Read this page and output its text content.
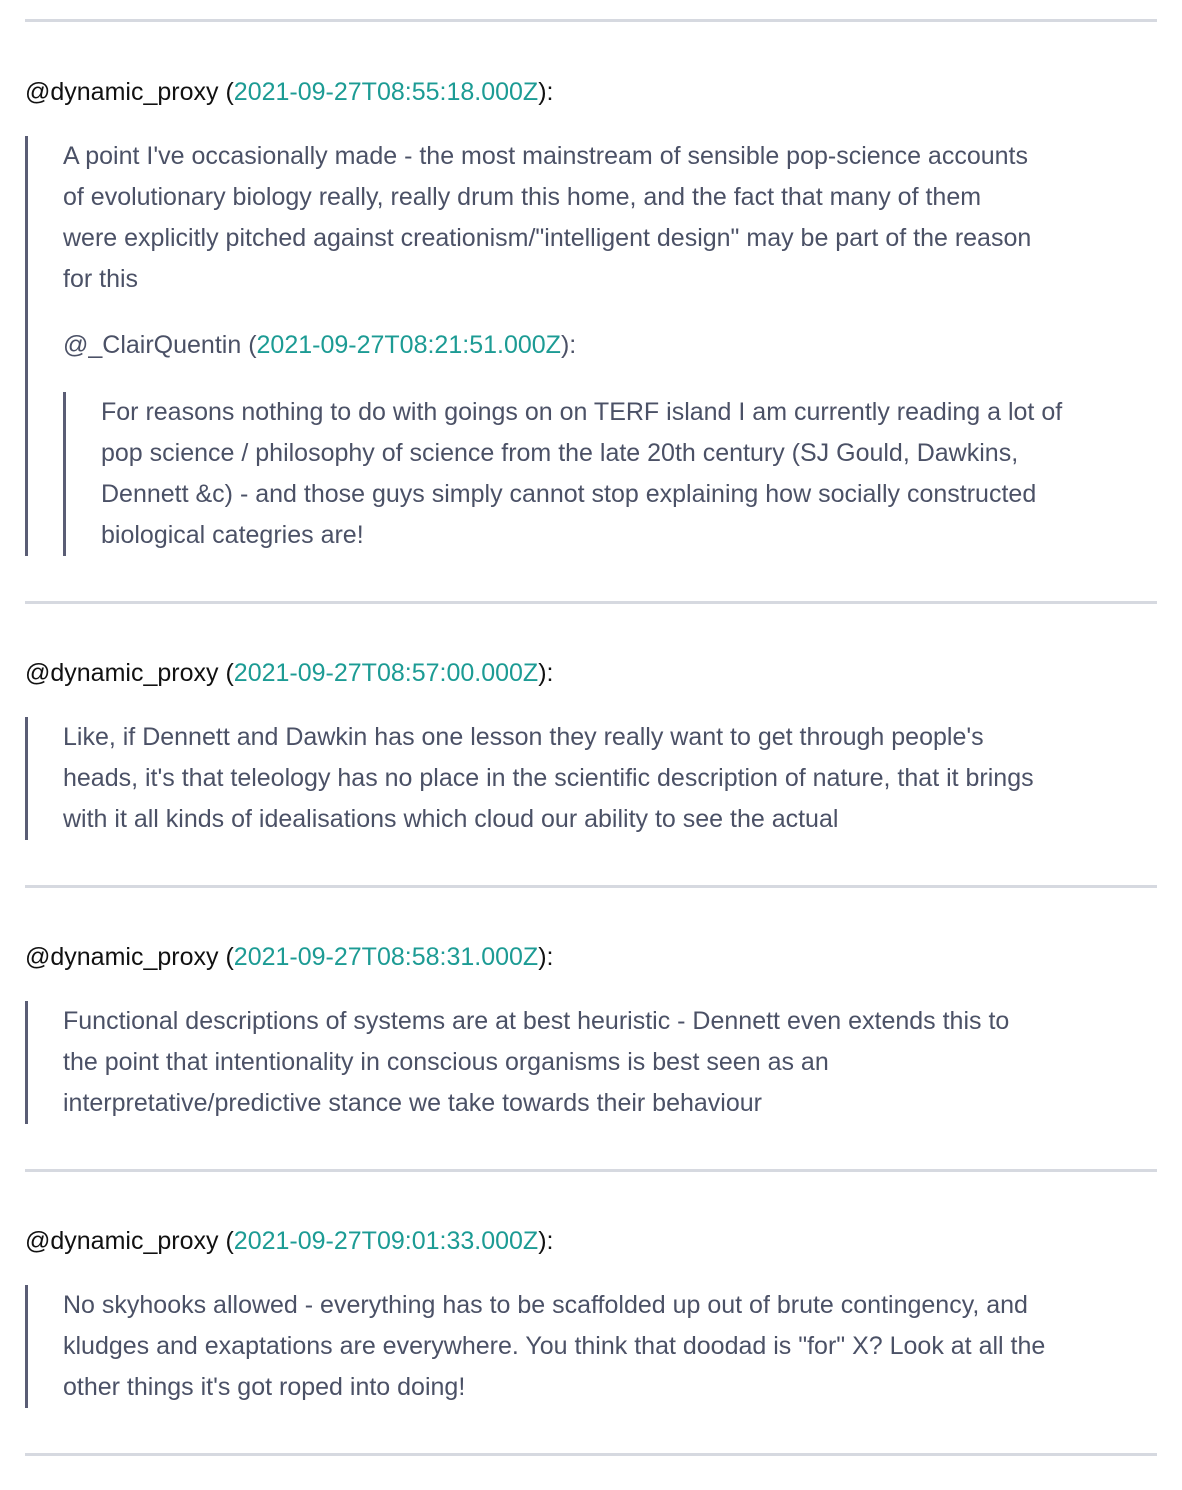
@dynamic_proxy (2021-09-27T08:55:18.000Z):

A point I've occasionally made - the most mainstream of sensible pop-science accounts

of evolutionary biology really, really drum this home, and the fact that many of them

were explicitly pitched against creationism/"intelligent design" may be part of the reason

for this

@_ClairQuentin (2021-09-27T08:21:51.000Z):

For reasons nothing to do with goings on on TERF island I am currently reading a lot of

pop science / philosophy of science from the late 20th century (SJ Gould, Dawkins,

Dennett &c) - and those guys simply cannot stop explaining how socially constructed

biological categries are!

@dynamic_proxy (2021-09-27T08:57:00.000Z):

Like, if Dennett and Dawkin has one lesson they really want to get through people's

heads, it's that teleology has no place in the scientific description of nature, that it brings

with it all kinds of idealisations which cloud our ability to see the actual

@dynamic_proxy (2021-09-27T08:58:31.000Z):

Functional descriptions of systems are at best heuristic - Dennett even extends this to

the point that intentionality in conscious organisms is best seen as an

interpretative/predictive stance we take towards their behaviour

@dynamic_proxy (2021-09-27T09:01:33.000Z):

No skyhooks allowed - everything has to be scaffolded up out of brute contingency, and

kludges and exaptations are everywhere. You think that doodad is "for" X? Look at all the

other things it's got roped into doing!
